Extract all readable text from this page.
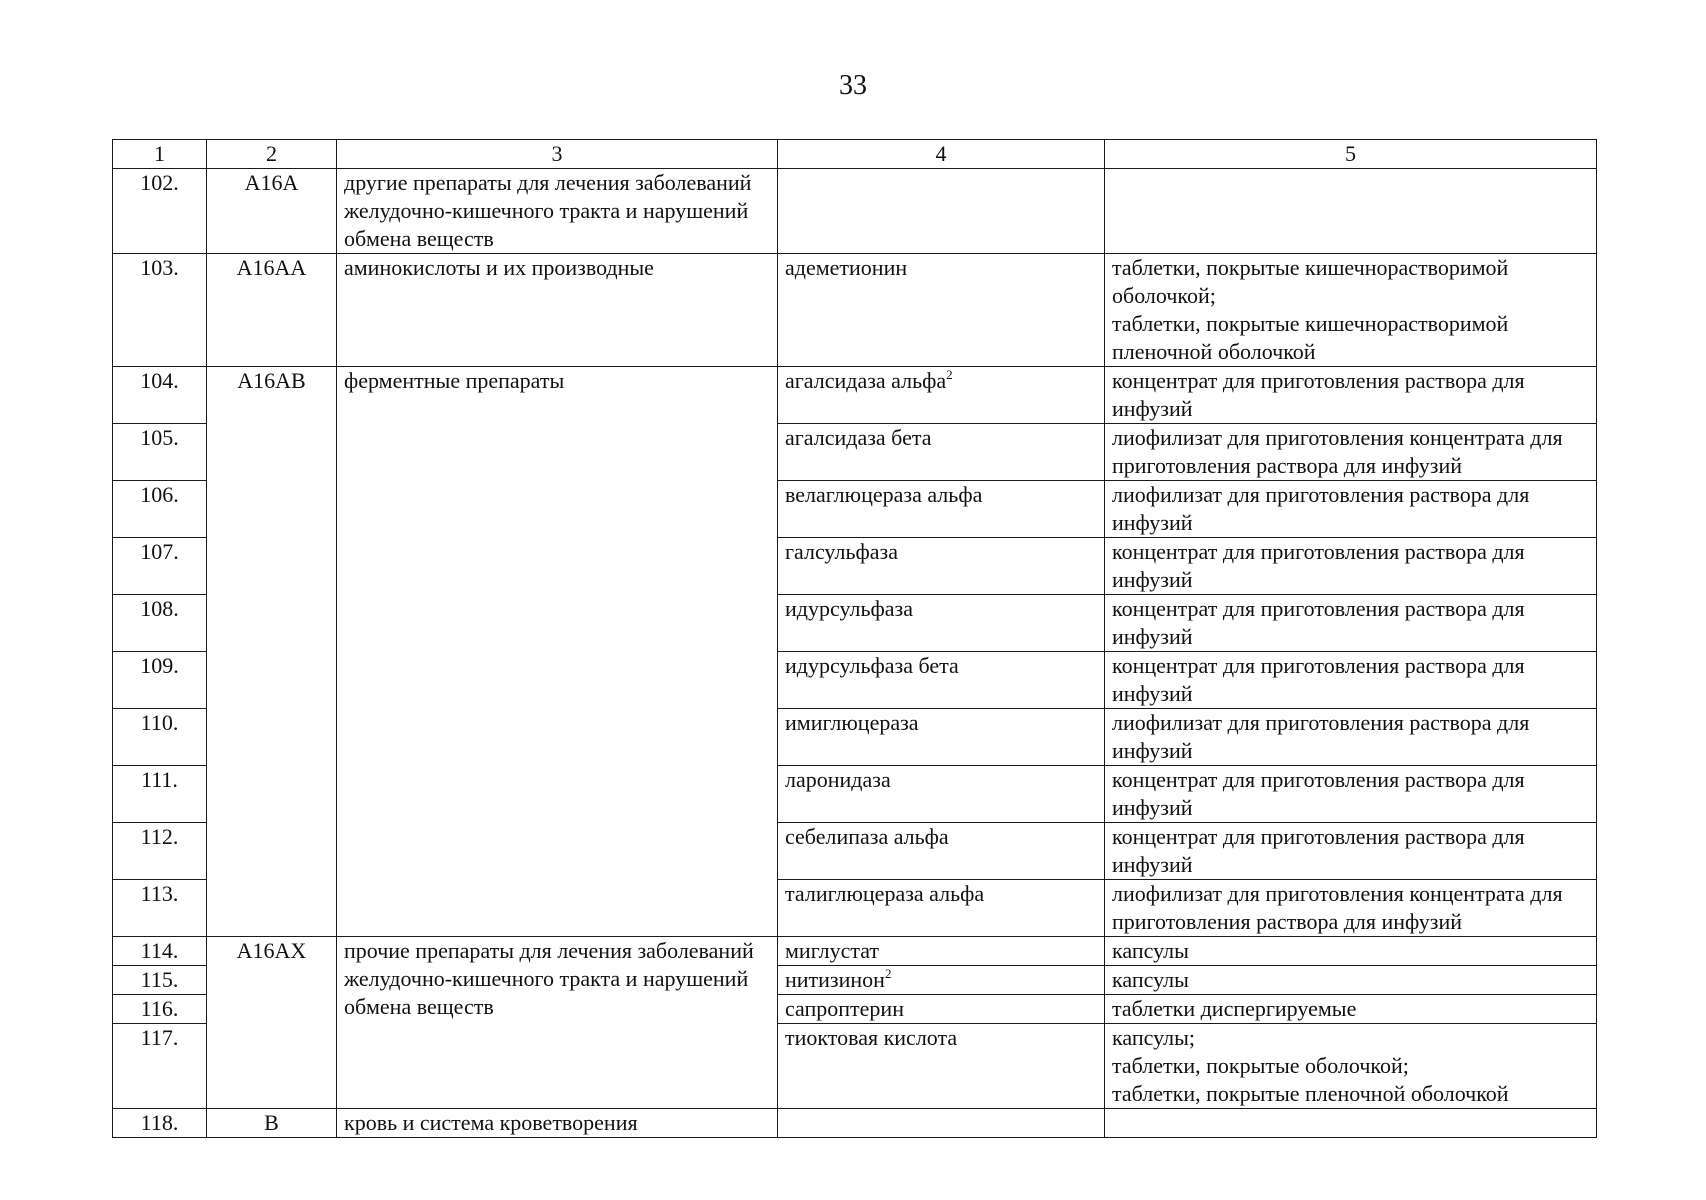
33
1	2	3	4	5
102.	A16A	другие препараты для лечения заболеваний желудочно-кишечного тракта и нарушений обмена веществ		
103.	A16AA	аминокислоты и их производные	адеметионин	таблетки, покрытые кишечнорастворимой оболочкой;
таблетки, покрытые кишечнорастворимой пленочной оболочкой

104.	A16AB	ферментные препараты	агалсидаза альфа$^2$	концентрат для приготовления раствора для инфузий
105.			агалсидаза бета	лиофилизат для приготовления концентрата для приготовления раствора для инфузий
106.			велаглюцераза альфа	лиофилизат для приготовления раствора для инфузий
107.			галсульфаза	концентрат для приготовления раствора для инфузий
108.			идурсульфаза	концентрат для приготовления раствора для инфузий
109.			идурсульфаза бета	концентрат для приготовления раствора для инфузий
110.			имиглюцераза	лиофилизат для приготовления раствора для инфузий
111.			ларонидаза	концентрат для приготовления раствора для инфузий
112.			себелипаза альфа	концентрат для приготовления раствора для инфузий
113.			талиглюцераза альфа	лиофилизат для приготовления концентрата для приготовления раствора для инфузий
114.	A16AX	прочие препараты для лечения заболеваний желудочно-кишечного тракта и нарушений обмена веществ	миглустат	капсулы
115.			нитизинон$^2$	капсулы
116.			сапроптерин	таблетки диспергируемые
117.			тиоктовая кислота	капсулы;
таблетки, покрытые оболочкой;
таблетки, покрытые пленочной оболочкой

118.	B	кровь и система кроветворения		
